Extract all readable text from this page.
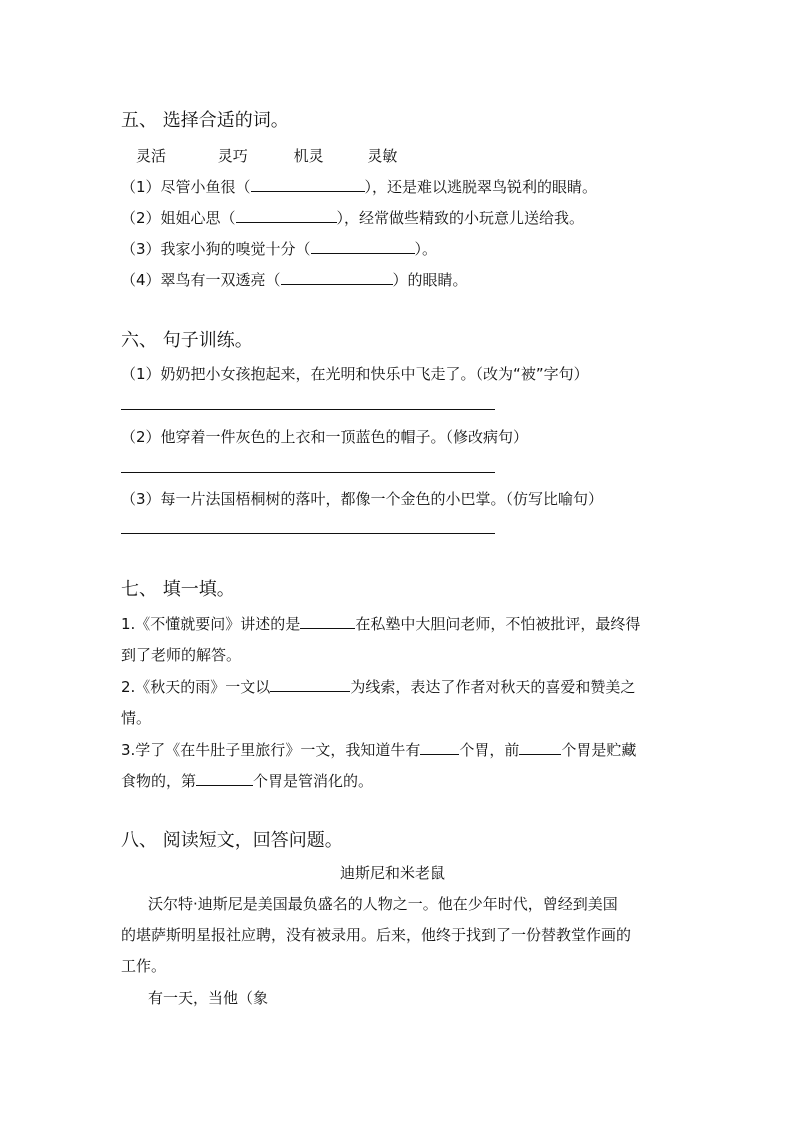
五、 选择合适的词。
灵活	灵巧	机灵	灵敏
（1）尽管小鱼很（	），还是难以逃脱翠鸟锐利的眼睛。
（2）姐姐心思（	），经常做些精致的小玩意儿送给我。
（3）我家小狗的嗅觉十分（	）。
（4）翠鸟有一双透亮（	）的眼睛。
六、 句子训练。
（1）奶奶把小女孩抱起来，在光明和快乐中飞走了。（改为“被”字句）
（2）他穿着一件灰色的上衣和一顶蓝色的帽子。（修改病句）
（3）每一片法国梧桐树的落叶，都像一个金色的小巴掌。（仿写比喻句）
七、 填一填。
1.《不懂就要问》讲述的是	在私塾中大胆问老师，不怕被批评，最终得
到了老师的解答。
2.《秋天的雨》一文以	为线索，表达了作者对秋天的喜爱和赞美之
情。
3.学了《在牛肚子里旅行》一文，我知道牛有	个胃，前	个胃是贮藏
食物的，第	个胃是管消化的。
八、 阅读短文，回答问题。
迪斯尼和米老鼠
沃尔特·迪斯尼是美国最负盛名的人物之一。他在少年时代，曾经到美国
的堪萨斯明星报社应聘，没有被录用。后来，他终于找到了一份替教堂作画的
工作。
有一天，当他（象
